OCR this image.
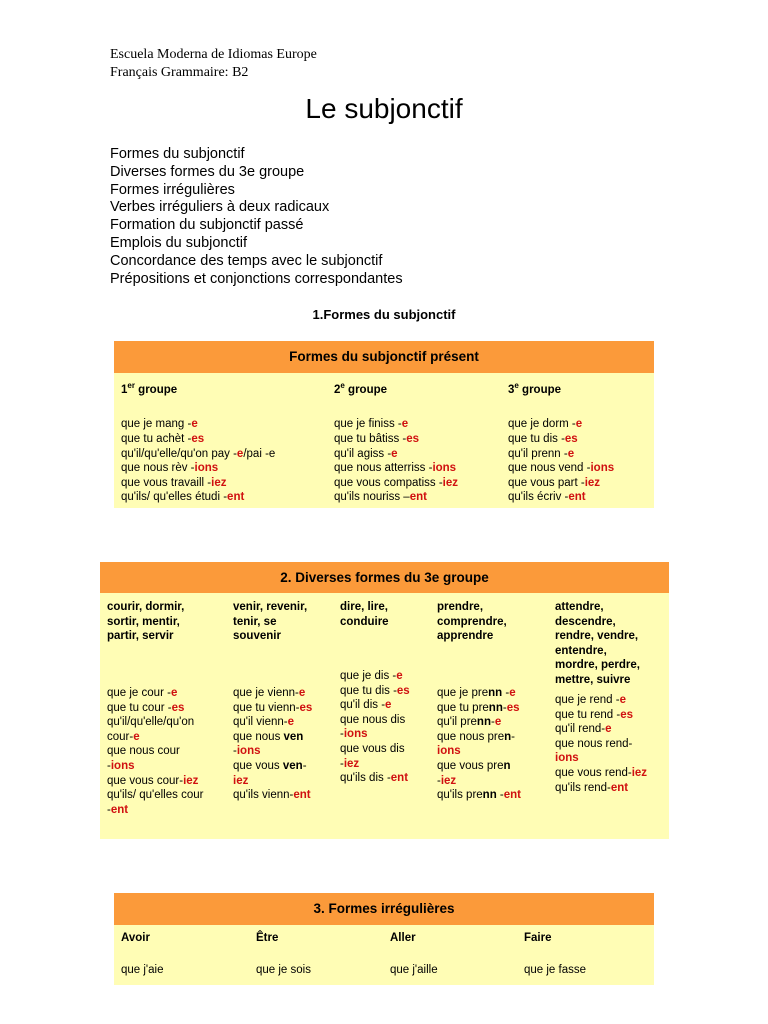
Escuela Moderna de Idiomas Europe
Français Grammaire: B2
Le subjonctif
Formes du subjonctif
Diverses formes du 3e groupe
Formes irrégulières
Verbes irréguliers à deux radicaux
Formation du subjonctif passé
Emplois du subjonctif
Concordance des temps avec le subjonctif
Prépositions et conjonctions correspondantes
1.Formes du subjonctif
Formes du subjonctif présent
1er groupe
que je mang -e
que tu achèt -es
qu'il/qu'elle/qu'on pay -e/pai -e
que nous rèv -ions
que vous travaill -iez
qu'ils/ qu'elles étudi -ent
2e groupe
que je finiss -e
que tu bâtiss -es
qu'il agiss -e
que nous atterriss -ions
que vous compatiss -iez
qu'ils nouriss –ent
3e groupe
que je dorm -e
que tu dis -es
qu'il prenn -e
que nous vend -ions
que vous part -iez
qu'ils écriv -ent
2. Diverses formes du 3e groupe
courir, dormir,
sortir, mentir,
partir, servir
que je cour -e
que tu cour -es
qu'il/qu'elle/qu'on
cour-e
que nous cour
-ions
que vous cour-iez
qu'ils/ qu'elles cour
-ent
venir, revenir,
tenir, se
souvenir
que je vienn-e
que tu vienn-es
qu'il vienn-e
que nous ven
-ions
que vous ven-
iez
qu'ils vienn-ent
dire, lire,
conduire
que je dis -e
que tu dis -es
qu'il dis -e
que nous dis
-ions
que vous dis
-iez
qu'ils dis -ent
prendre,
comprendre,
apprendre
que je prenn -e
que tu prenn-es
qu'il prenn-e
que nous pren-
ions
que vous pren
-iez
qu'ils prenn -ent
attendre,
descendre,
rendre, vendre,
entendre,
mordre, perdre,
mettre, suivre
que je rend -e
que tu rend -es
qu'il rend-e
que nous rend-
ions
que vous rend-iez
qu'ils rend-ent
3. Formes irrégulières
Avoir
que j'aie
Être
que je sois
Aller
que j'aille
Faire
que je fasse
